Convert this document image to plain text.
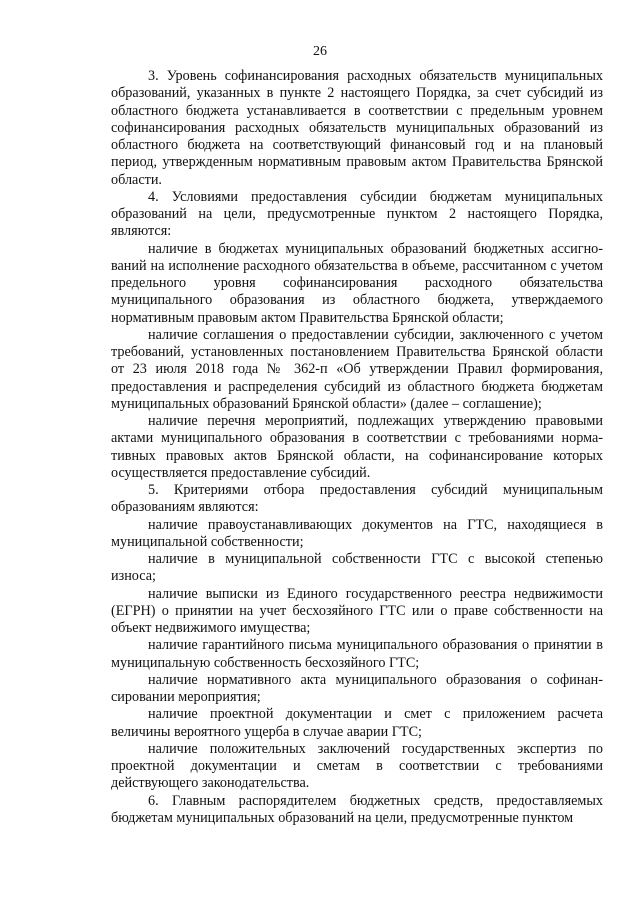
26

3. Уровень софинансирования расходных обязательств муниципальных образований, указанных в пункте 2 настоящего Порядка, за счет субсидий из областного бюджета устанавливается в соответствии с предельным уровнем софинансирования расходных обязательств муниципальных образований из областного бюджета на соответствующий финансовый год и на плановый период, утвержденным нормативным правовым актом Правительства Брянской области.

4. Условиями предоставления субсидии бюджетам муниципальных образований на цели, предусмотренные пунктом 2 настоящего Порядка, являются:

наличие в бюджетах муниципальных образований бюджетных ассигнований на исполнение расходного обязательства в объеме, рассчитанном с учетом предельного уровня софинансирования расходного обязательства муниципального образования из областного бюджета, утверждаемого нормативным правовым актом Правительства Брянской области;

наличие соглашения о предоставлении субсидии, заключенного с учетом требований, установленных постановлением Правительства Брянской области от 23 июля 2018 года № 362-п «Об утверждении Правил формирования, предоставления и распределения субсидий из областного бюджета бюджетам муниципальных образований Брянской области» (далее – соглашение);

наличие перечня мероприятий, подлежащих утверждению правовыми актами муниципального образования в соответствии с требованиями нормативных правовых актов Брянской области, на софинансирование которых осуществляется предоставление субсидий.

5. Критериями отбора предоставления субсидий муниципальным образованиям являются:

наличие правоустанавливающих документов на ГТС, находящиеся в муниципальной собственности;

наличие в муниципальной собственности ГТС с высокой степенью износа;

наличие выписки из Единого государственного реестра недвижимости (ЕГРН) о принятии на учет бесхозяйного ГТС или о праве собственности на объект недвижимого имущества;

наличие гарантийного письма муниципального образования о принятии в муниципальную собственность бесхозяйного ГТС;

наличие нормативного акта муниципального образования о софинансировании мероприятия;

наличие проектной документации и смет с приложением расчета величины вероятного ущерба в случае аварии ГТС;

наличие положительных заключений государственных экспертиз по проектной документации и сметам в соответствии с требованиями действующего законодательства.

6. Главным распорядителем бюджетных средств, предоставляемых бюджетам муниципальных образований на цели, предусмотренные пунктом
